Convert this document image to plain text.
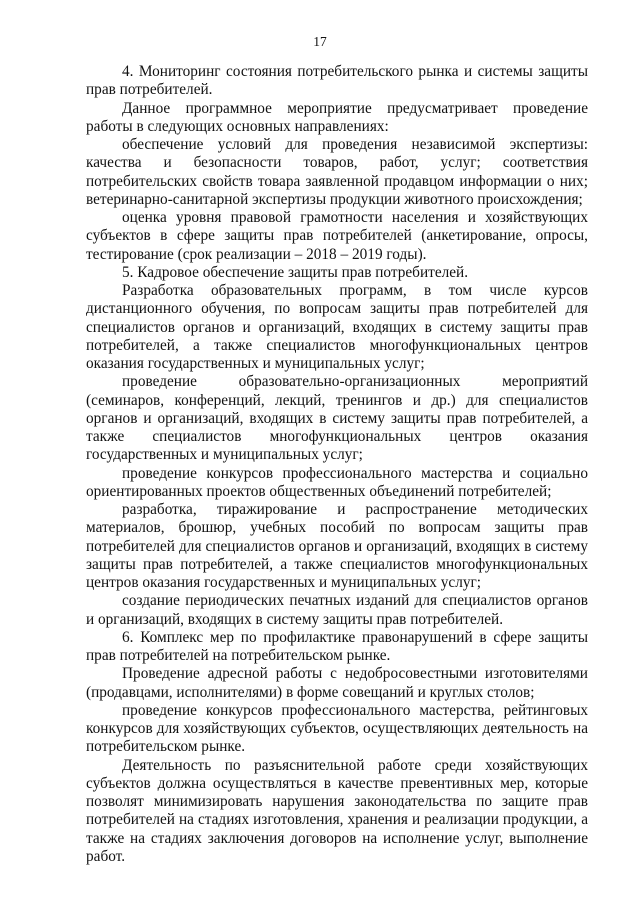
17

4. Мониторинг состояния потребительского рынка и системы защиты прав потребителей.

Данное программное мероприятие предусматривает проведение работы в следующих основных направлениях:

обеспечение условий для проведения независимой экспертизы: качества и безопасности товаров, работ, услуг; соответствия потребительских свойств товара заявленной продавцом информации о них; ветеринарно-санитарной экспертизы продукции животного происхождения;

оценка уровня правовой грамотности населения и хозяйствующих субъектов в сфере защиты прав потребителей (анкетирование, опросы, тестирование (срок реализации – 2018 – 2019 годы).

5. Кадровое обеспечение защиты прав потребителей.

Разработка образовательных программ, в том числе курсов дистанционного обучения, по вопросам защиты прав потребителей для специалистов органов и организаций, входящих в систему защиты прав потребителей, а также специалистов многофункциональных центров оказания государственных и муниципальных услуг;

проведение образовательно-организационных мероприятий (семинаров, конференций, лекций, тренингов и др.) для специалистов органов и организаций, входящих в систему защиты прав потребителей, а также специалистов многофункциональных центров оказания государственных и муниципальных услуг;

проведение конкурсов профессионального мастерства и социально ориентированных проектов общественных объединений потребителей;

разработка, тиражирование и распространение методических материалов, брошюр, учебных пособий по вопросам защиты прав потребителей для специалистов органов и организаций, входящих в систему защиты прав потребителей, а также специалистов многофункциональных центров оказания государственных и муниципальных услуг;

создание периодических печатных изданий для специалистов органов и организаций, входящих в систему защиты прав потребителей.

6. Комплекс мер по профилактике правонарушений в сфере защиты прав потребителей на потребительском рынке.

Проведение адресной работы с недобросовестными изготовителями (продавцами, исполнителями) в форме совещаний и круглых столов;

проведение конкурсов профессионального мастерства, рейтинговых конкурсов для хозяйствующих субъектов, осуществляющих деятельность на потребительском рынке.

Деятельность по разъяснительной работе среди хозяйствующих субъектов должна осуществляться в качестве превентивных мер, которые позволят минимизировать нарушения законодательства по защите прав потребителей на стадиях изготовления, хранения и реализации продукции, а также на стадиях заключения договоров на исполнение услуг, выполнение работ.
